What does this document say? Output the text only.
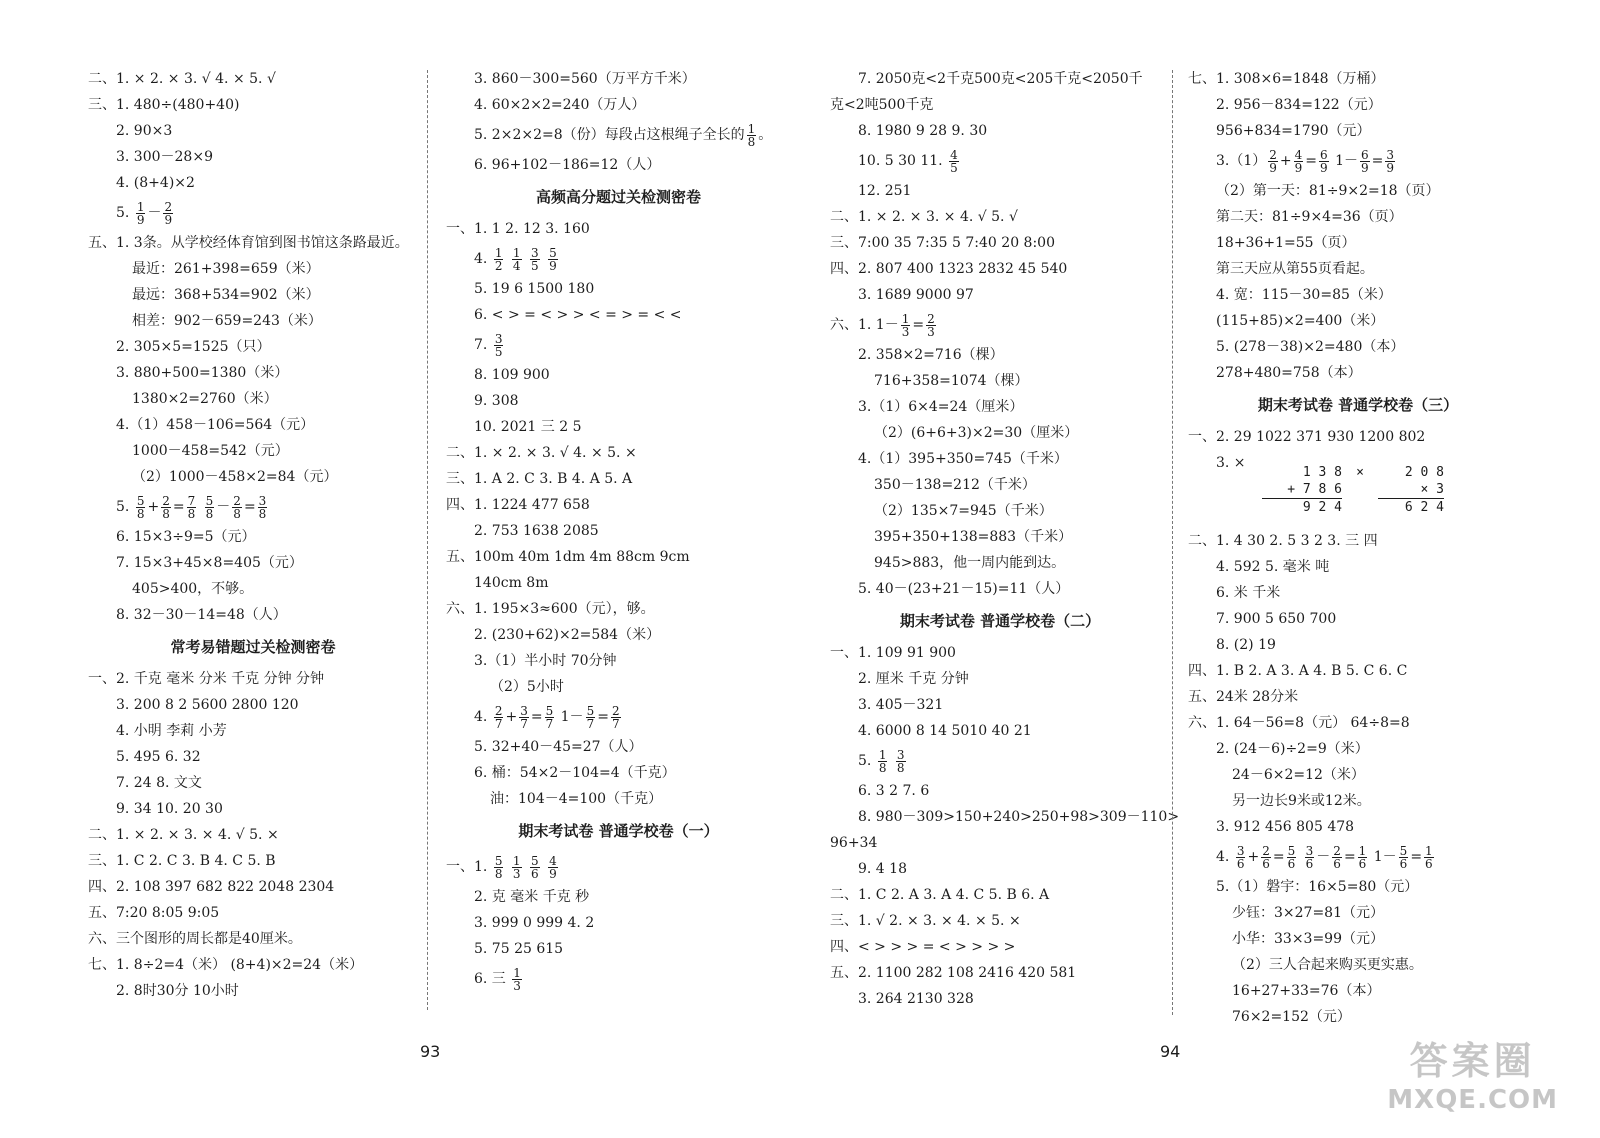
二、1. × 2. × 3. √ 4. × 5. √
三、1. 480÷(480+40)
2. 90×3
3. 300－28×9
4. (8+4)×2
5. $\frac{1}{9} - \frac{2}{9}$
五、1. 3条。从学校经体育馆到图书馆这条路最近。
最近：261+398=659（米）
最远：368+534=902（米）
相差：902－659=243（米）
2. 305×5=1525（只）
3. 880+500=1380（米）
1380×2=2760（米）
4.（1）458－106=564（元）
1000－458=542（元）
（2）1000－458×2=84（元）
5. $\frac{5}{8} + \frac{2}{8} = \frac{7}{8}$
$\frac{5}{8} - \frac{2}{8} = \frac{3}{8}$
6. 15×3÷9=5（元）
7. 15×3+45×8=405（元）
405>400，不够。
8. 32－30－14=48（人）
常考易错题过关检测密卷
一、2. 千克 毫米 分米 千克 分钟 分钟
3. 200 8 2 5600 2800 120
4. 小明 李莉 小芳
5. 495 6. 32
7. 24 8. 文文
9. 34 10. 20 30
二、1. × 2. × 3. × 4. √ 5. ×
三、1. C 2. C 3. B 4. C 5. B
四、2. 108 397 682 822 2048 2304
五、7:20 8:05 9:05
六、三个图形的周长都是40厘米。
七、1. 8÷2=4（米） (8+4)×2=24（米）
2. 8时30分 10小时
3. 860－300=560（万平方千米）
4. 60×2×2=240（万人）
5. 2×2×2=8（份）每段占这根绳子全长的 $\frac{1}{8}$ 。
6. 96+102－186=12（人）
高频高分题过关检测密卷
一、1. 1 2. 12 3. 160
4. $\frac{1}{2}$
$\frac{1}{4}$
$\frac{3}{5}$
$\frac{5}{9}$
5. 19 6 1500 180
6. < > = < > > < = > = < <
7. $\frac{3}{5}$
8. 109 900
9. 308
10. 2021 三 2 5
二、1. × 2. × 3. √ 4. × 5. ×
三、1. A 2. C 3. B 4. A 5. A
四、1. 1224 477 658
2. 753 1638 2085
五、100m 40m 1dm 4m 88cm 9cm
140cm 8m
六、1. 195×3≈600（元），够。
2. (230+62)×2=584（米）
3.（1）半小时 70分钟
（2）5小时
4. $\frac{2}{7} + \frac{3}{7} = \frac{5}{7} 1- \frac{5}{7} = \frac{2}{7}$
5. 32+40－45=27（人）
6. 桶：54×2－104=4（千克）
油：104－4=100（千克）
期末考试卷 普通学校卷（一）
一、1. $\frac{5}{8}$
$\frac{1}{3}$
$\frac{5}{6}$
$\frac{4}{9}$
2. 克 毫米 千克 秒
3. 999 0 999 4. 2
5. 75 25 615
6. 三 $\frac{1}{3}$
7. 2050克<2千克500克<205千克<2050千
克<2吨500千克
8. 1980 9 28 9. 30
10. 5 30 11. $\frac{4}{5}$
12. 251
二、1. × 2. × 3. × 4. √ 5. √
三、7:00 35 7:35 5 7:40 20 8:00
四、2. 807 400 1323 2832 45 540
3. 1689 9000 97
六、1. $1- \frac{1}{3} = \frac{2}{3}$
2. 358×2=716（棵）
716+358=1074（棵）
3.（1）6×4=24（厘米）
（2）(6+6+3)×2=30（厘米）
4.（1）395+350=745（千米）
350－138=212（千米）
（2）135×7=945（千米）
395+350+138=883（千米）
945>883，他一周内能到达。
5. 40－(23+21－15)=11（人）
期末考试卷 普通学校卷（二）
一、1. 109 91 900
2. 厘米 千克 分钟
3. 405－321
4. 6000 8 14 5010 40 21
5. $\frac{1}{8}$
$\frac{3}{8}$
6. 3 2 7. 6
8. 980－309>150+240>250+98>309－110>
96+34
9. 4 18
二、1. C 2. A 3. A 4. C 5. B 6. A
三、1. √ 2. × 3. × 4. × 5. ×
四、< > > > = < > > > >
五、2. 1100 282 108 2416 420 581
3. 264 2130 328
七、1. 308×6=1848（万桶）
2. 956－834=122（元）
956+834=1790（元）
$3.(1) \frac{2}{9} + \frac{4}{9} = \frac{6}{9} 1- \frac{6}{9} = \frac{3}{9}$
（2）第一天：81÷9×2=18（页）
第二天：81÷9×4=36（页）
18+36+1=55（页）
第三天应从第55页看起。
4. 宽：115－30=85（米）
(115+85)×2=400（米）
5. (278－38)×2=480（本）
278+480=758（本）
期末考试卷 普通学校卷（三）
一、2. 29 1022 371 930 1200 802
3. ×
二、1. 4 30 2. 5 3 2 3. 三 四
4. 592 5. 毫米 吨
6. 米 千米
7. 900 5 650 700
8. (2) 19
四、1. B 2. A 3. A 4. B 5. C 6. C
五、24米 28分米
六、1. 64－56=8（元） 64÷8=8
2. (24－6)÷2=9（米）
24－6×2=12（米）
另一边长9米或12米。
3. 912 456 805 478
4. $\frac{3}{6} + \frac{2}{6} = \frac{5}{6}$
$\frac{3}{6} - \frac{2}{6} = \frac{1}{6} 1- \frac{5}{6} = \frac{1}{6}$
5.（1）磐宇：16×5=80（元）
少钰：3×27=81（元）
小华：33×3=99（元）
（2）三人合起来购买更实惠。
16+27+33=76（本）
76×2=152（元）
1 3 8
+ 7 8 6
9 2 4
×	2 0 8
× 3
6 2 4
93	94	答案圈
MXQE.COM
